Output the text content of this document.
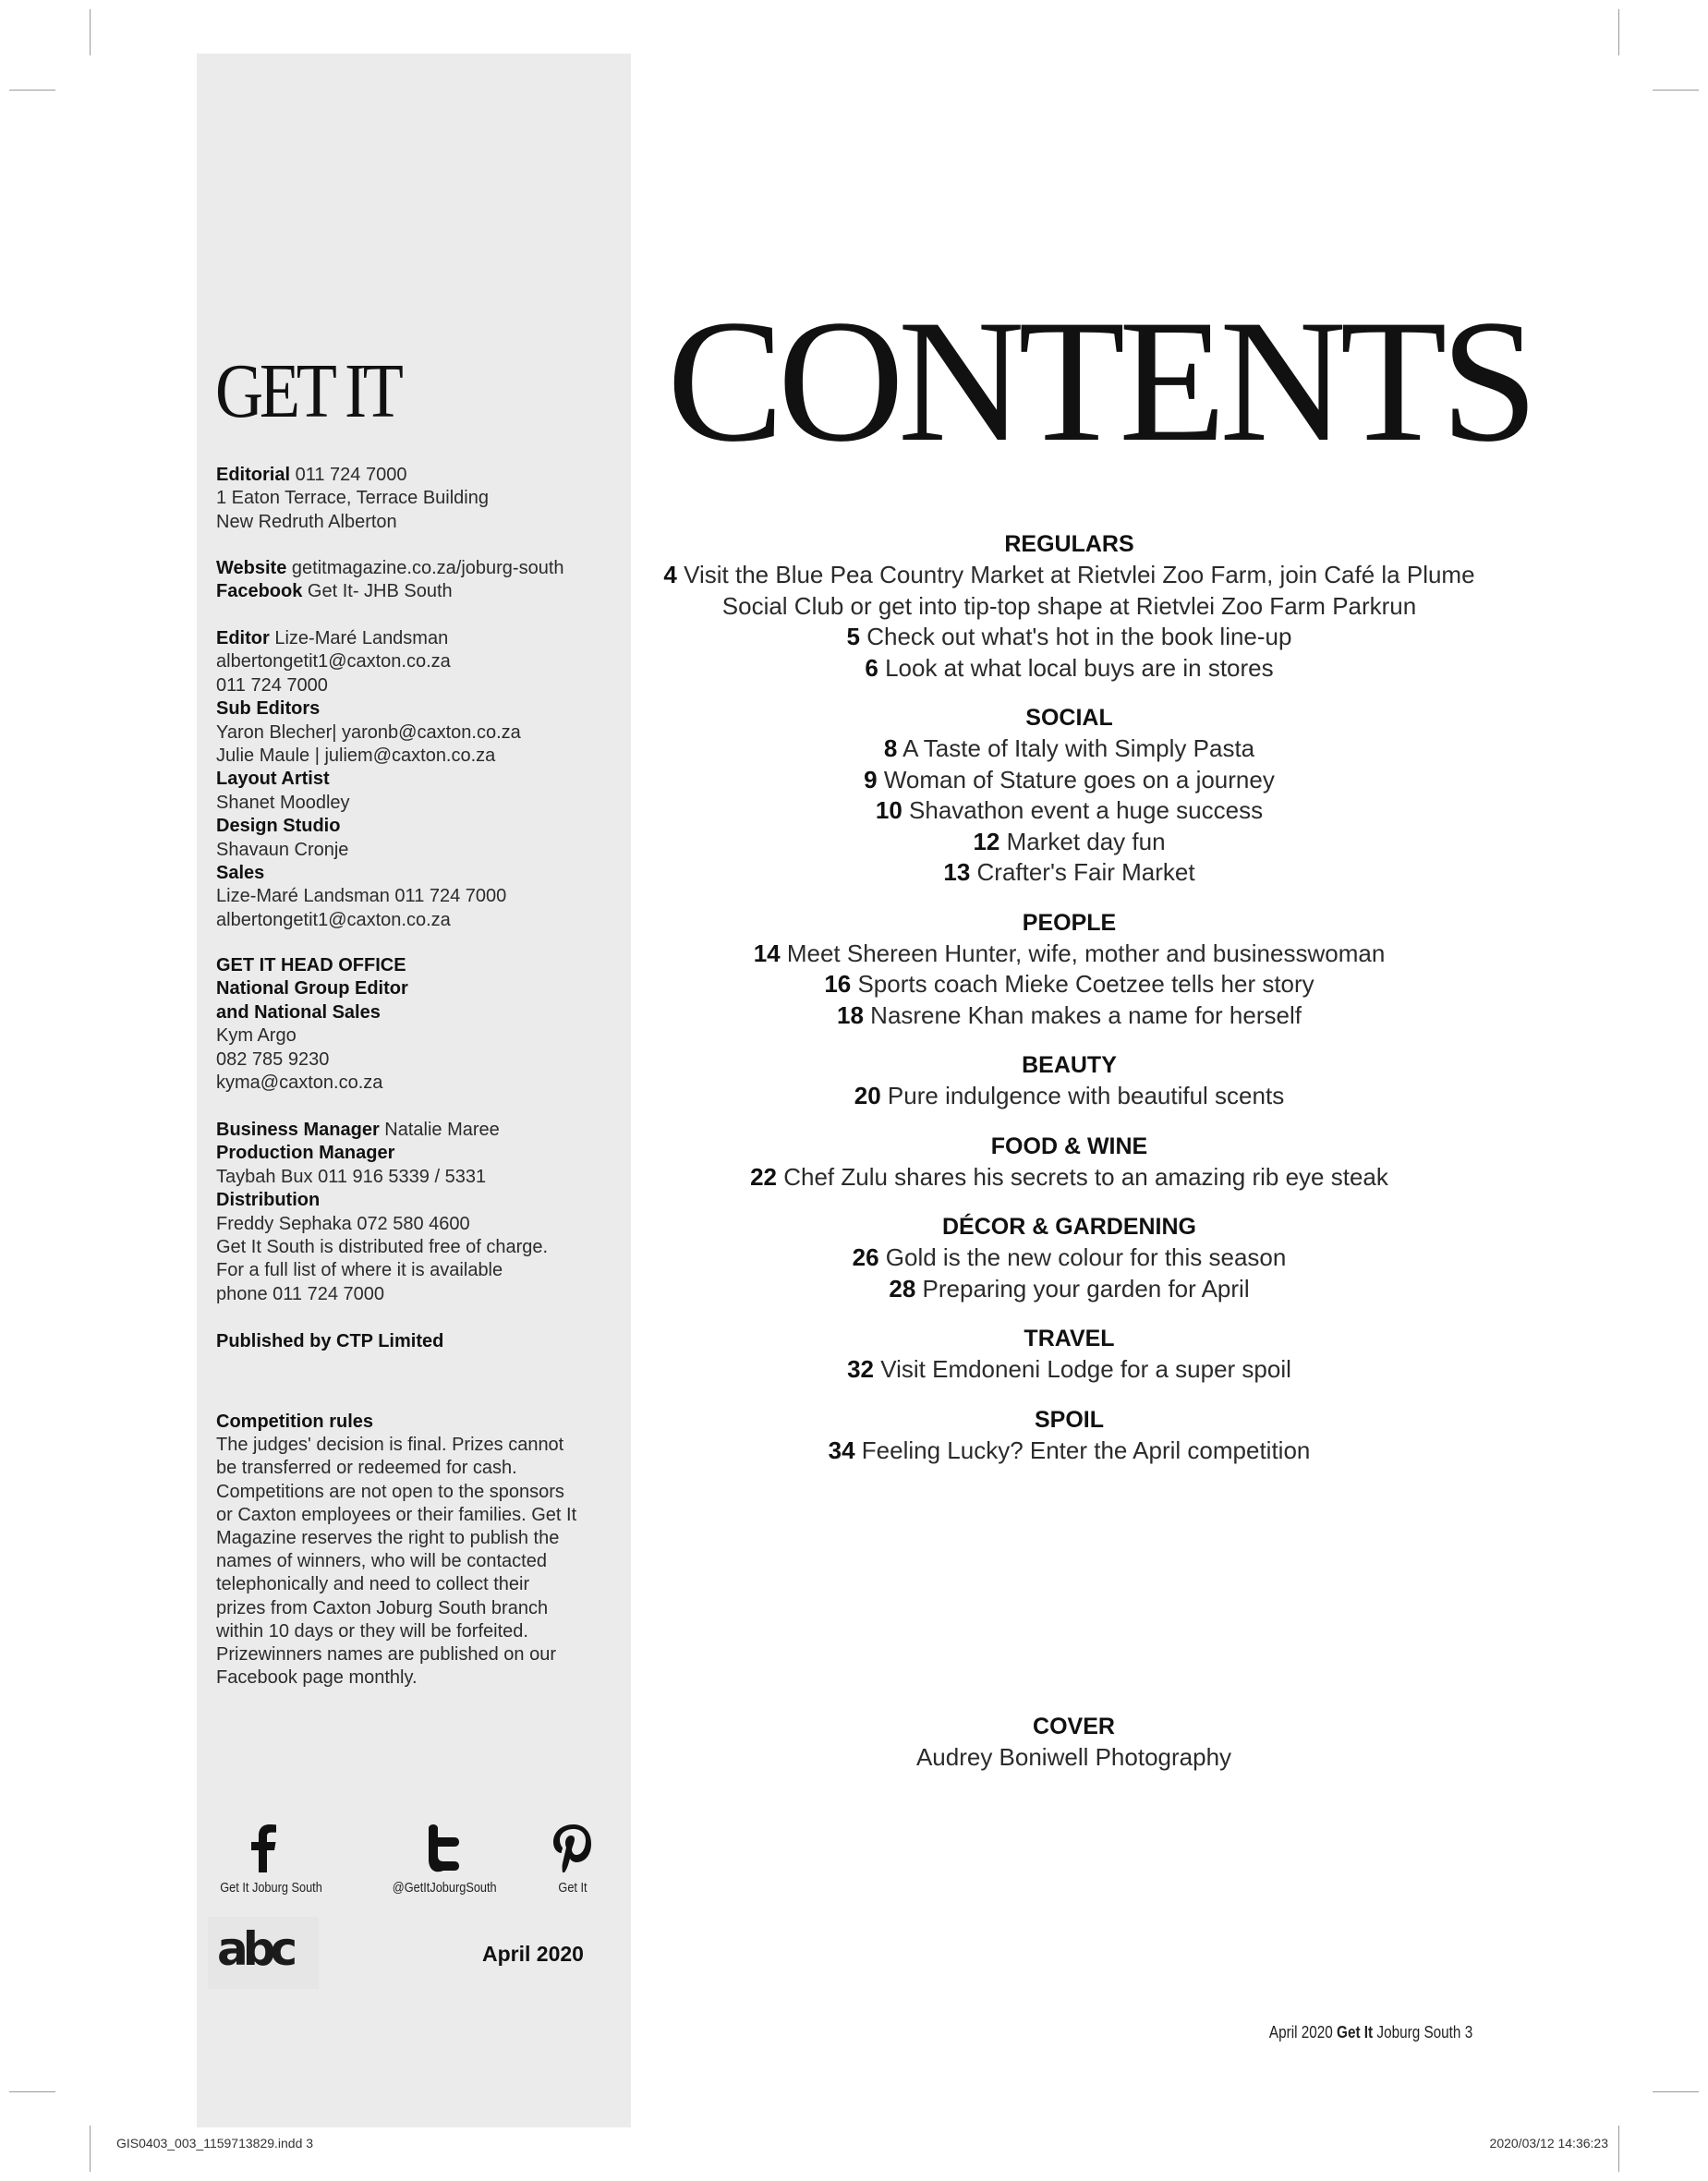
GET IT
Editorial 011 724 7000
1 Eaton Terrace, Terrace Building
New Redruth Alberton
Website getitmagazine.co.za/joburg-south
Facebook Get It- JHB South
Editor Lize-Maré Landsman
albertongetit1@caxton.co.za
011 724 7000
Sub Editors
Yaron Blecher| yaronb@caxton.co.za
Julie Maule | juliem@caxton.co.za
Layout Artist
Shanet Moodley
Design Studio
Shavaun Cronje
Sales
Lize-Maré Landsman 011 724 7000
albertongetit1@caxton.co.za
GET IT HEAD OFFICE
National Group Editor
and National Sales
Kym Argo
082 785 9230
kyma@caxton.co.za
Business Manager Natalie Maree
Production Manager
Taybah Bux 011 916 5339 / 5331
Distribution
Freddy Sephaka 072 580 4600
Get It South is distributed free of charge.
For a full list of where it is available
phone 011 724 7000
Published by CTP Limited
Competition rules
The judges' decision is final. Prizes cannot
be transferred or redeemed for cash.
Competitions are not open to the sponsors
or Caxton employees or their families. Get It
Magazine reserves the right to publish the
names of winners, who will be contacted
telephonically and need to collect their
prizes from Caxton Joburg South branch
within 10 days or they will be forfeited.
Prizewinners names are published on our
Facebook page monthly.
Get It Joburg South	@GetItJoburgSouth	Get It
abc	April 2020
CONTENTS
REGULARS
4 Visit the Blue Pea Country Market at Rietvlei Zoo Farm, join Café la Plume
Social Club or get into tip-top shape at Rietvlei Zoo Farm Parkrun
5 Check out what's hot in the book line-up
6 Look at what local buys are in stores
SOCIAL
8 A Taste of Italy with Simply Pasta
9 Woman of Stature goes on a journey
10 Shavathon event a huge success
12 Market day fun
13 Crafter's Fair Market
PEOPLE
14 Meet Shereen Hunter, wife, mother and businesswoman
16 Sports coach Mieke Coetzee tells her story
18 Nasrene Khan makes a name for herself
BEAUTY
20 Pure indulgence with beautiful scents
FOOD & WINE
22 Chef Zulu shares his secrets to an amazing rib eye steak
DÉCOR & GARDENING
26 Gold is the new colour for this season
28 Preparing your garden for April
TRAVEL
32 Visit Emdoneni Lodge for a super spoil
SPOIL
34 Feeling Lucky? Enter the April competition
COVER
Audrey Boniwell Photography
April 2020 Get It Joburg South 3
GIS0403_003_1159713829.indd 3	2020/03/12 14:36:23
